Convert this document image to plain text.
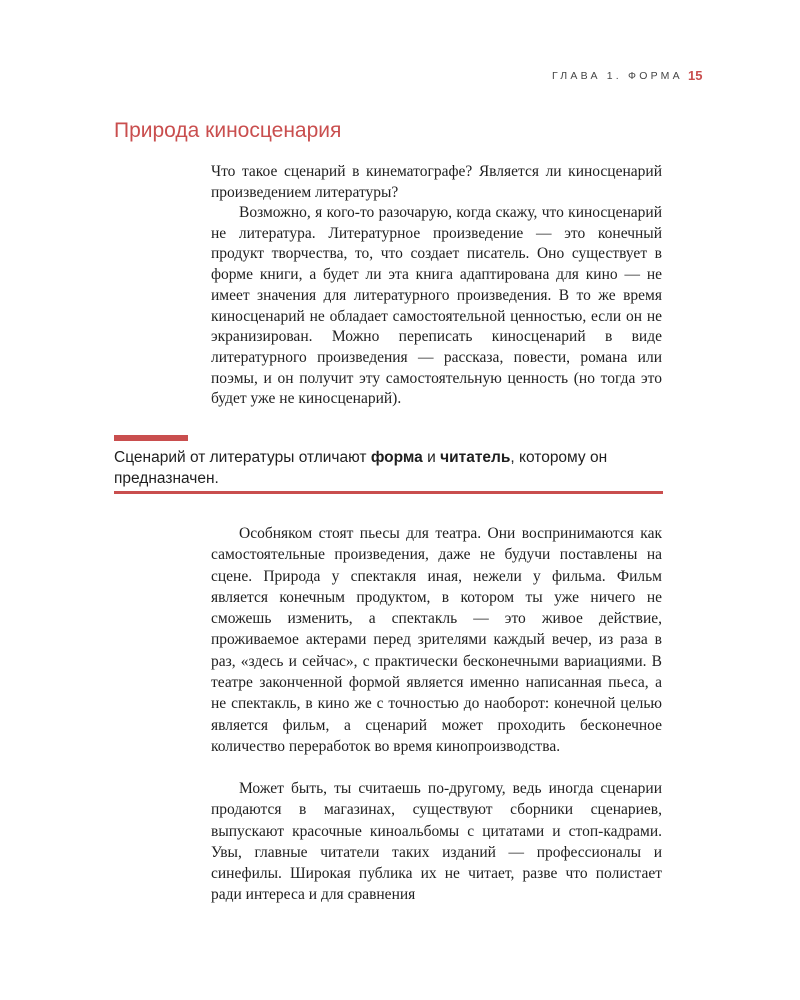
ГЛАВА 1. ФОРМА 15
Природа киносценария

Что такое сценарий в кинематографе? Является ли киносценарий произведением литературы?

Возможно, я кого-то разочарую, когда скажу, что киносценарий не литература. Литературное произведение — это конечный продукт творчества, то, что создает писатель. Оно существует в форме книги, а будет ли эта книга адаптирована для кино — не имеет значения для литературного произведения. В то же время киносценарий не обладает самостоятельной ценностью, если он не экранизирован. Можно переписать киносценарий в виде литературного произведения — рассказа, повести, романа или поэмы, и он получит эту самостоятельную ценность (но тогда это будет уже не киносценарий).

Сценарий от литературы отличают форма и читатель, которому он предназначен.

Особняком стоят пьесы для театра. Они воспринимаются как самостоятельные произведения, даже не будучи поставлены на сцене. Природа у спектакля иная, нежели у фильма. Фильм является конечным продуктом, в котором ты уже ничего не сможешь изменить, а спектакль — это живое действие, проживаемое актерами перед зрителями каждый вечер, из раза в раз, «здесь и сейчас», с практически бесконечными вариациями. В театре законченной формой является именно написанная пьеса, а не спектакль, в кино же с точностью до наоборот: конечной целью является фильм, а сценарий может проходить бесконечное количество переработок во время кинопроизводства.

Может быть, ты считаешь по-другому, ведь иногда сценарии продаются в магазинах, существуют сборники сценариев, выпускают красочные киноальбомы с цитатами и стоп-кадрами. Увы, главные читатели таких изданий — профессионалы и синефилы. Широкая публика их не читает, разве что полистает ради интереса и для сравнения
